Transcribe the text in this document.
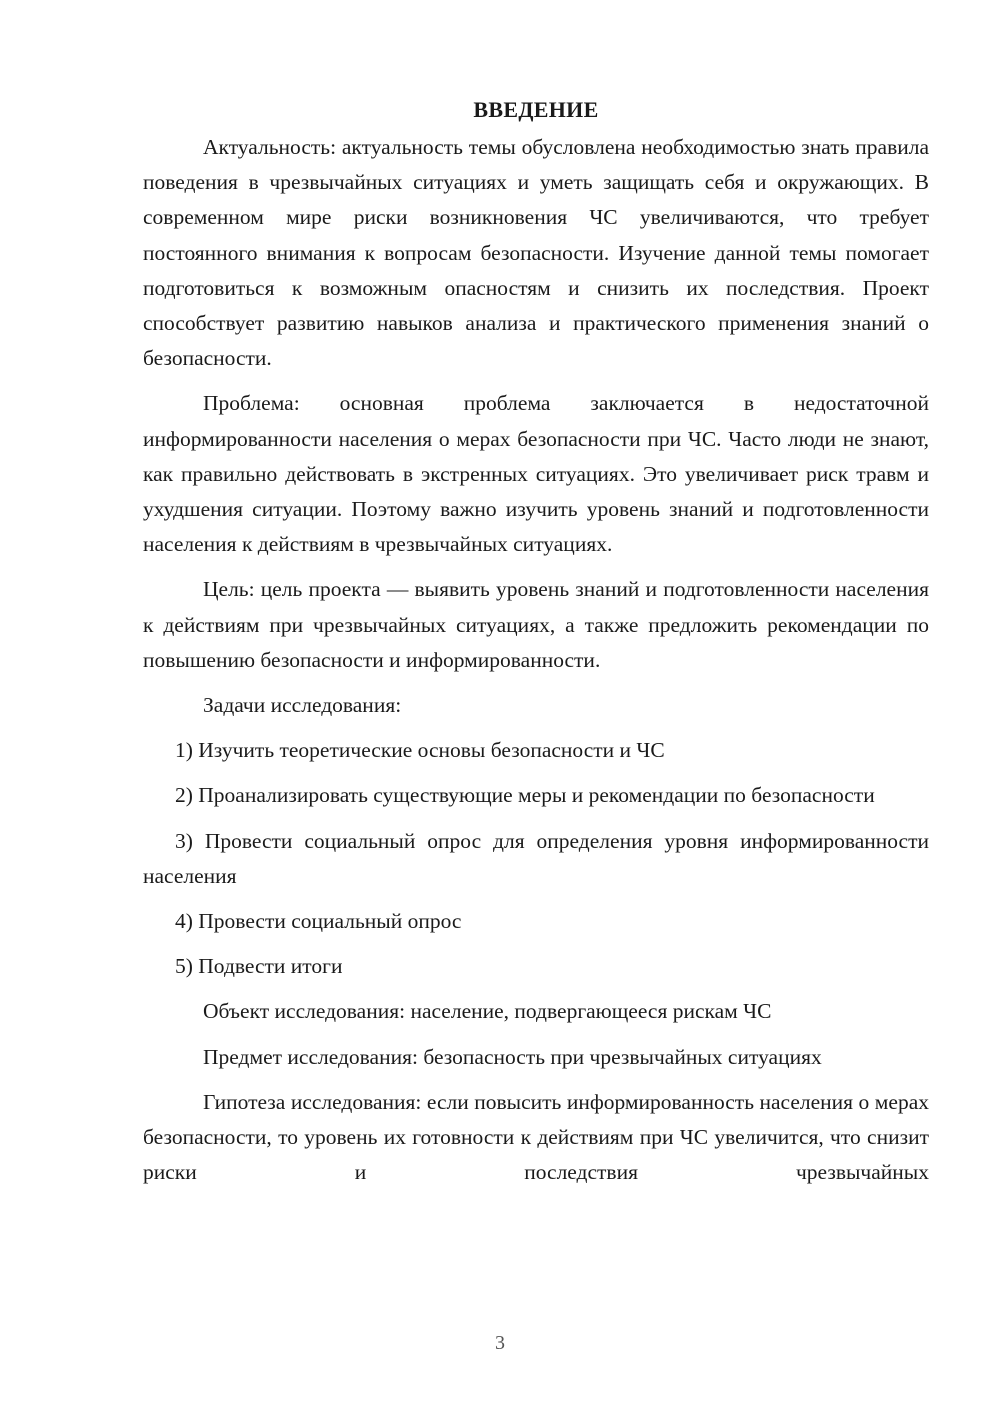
ВВЕДЕНИЕ

Актуальность: актуальность темы обусловлена необходимостью знать правила поведения в чрезвычайных ситуациях и уметь защищать себя и окружающих. В современном мире риски возникновения ЧС увеличиваются, что требует постоянного внимания к вопросам безопасности. Изучение данной темы помогает подготовиться к возможным опасностям и снизить их последствия. Проект способствует развитию навыков анализа и практического применения знаний о безопасности.

Проблема: основная проблема заключается в недостаточной информированности населения о мерах безопасности при ЧС. Часто люди не знают, как правильно действовать в экстренных ситуациях. Это увеличивает риск травм и ухудшения ситуации. Поэтому важно изучить уровень знаний и подготовленности населения к действиям в чрезвычайных ситуациях.

Цель: цель проекта — выявить уровень знаний и подготовленности населения к действиям при чрезвычайных ситуациях, а также предложить рекомендации по повышению безопасности и информированности.

Задачи исследования:

1) Изучить теоретические основы безопасности и ЧС

2) Проанализировать существующие меры и рекомендации по безопасности

3) Провести социальный опрос для определения уровня информированности населения

4) Провести социальный опрос

5) Подвести итоги

Объект исследования: население, подвергающееся рискам ЧС

Предмет исследования: безопасность при чрезвычайных ситуациях

Гипотеза исследования: если повысить информированность населения о мерах безопасности, то уровень их готовности к действиям при ЧС увеличится, что снизит риски и последствия чрезвычайных

3
